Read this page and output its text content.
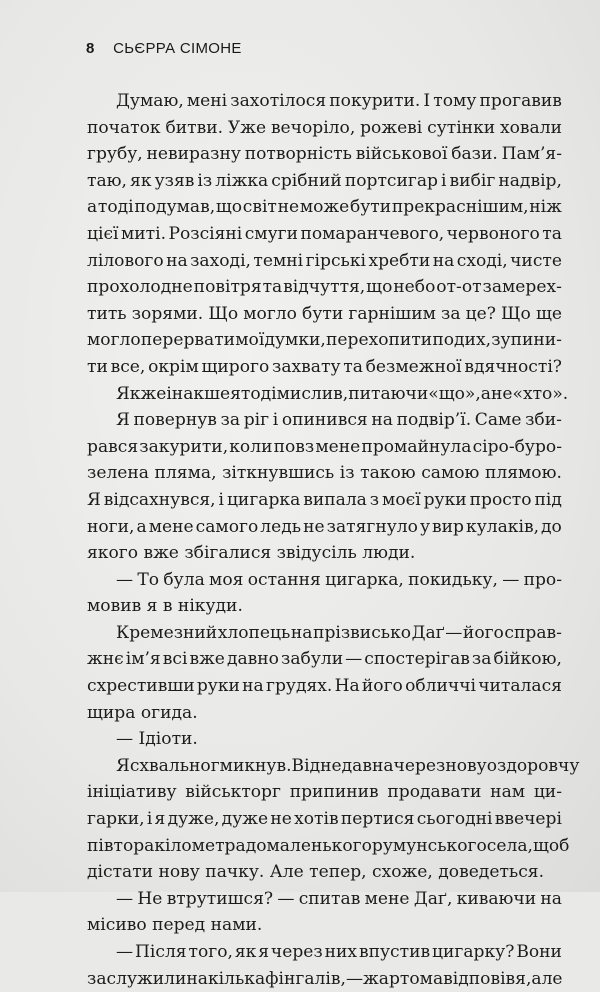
8 СЬЄРРА СІМОНЕ
Думаю, мені захотілося покурити. І тому прогавив
початок битви. Уже вечоріло, рожеві сутінки ховали
грубу, невиразну потворність військової бази. Пам’я-
таю, як узяв із ліжка срібний портсигар і вибіг надвір,
а тоді подумав, що світ не може бути прекраснішим, ніж
цієї миті. Розсіяні смуги помаранчевого, червоного та
лілового на заході, темні гірські хребти на сході, чисте
прохолодне повітря та відчуття, що небо от-от замерех-
тить зорями. Що могло бути гарнішим за це? Що ще
могло перервати мої думки, перехопити подих, зупини-
ти все, окрім щирого захвату та безмежної вдячності?
Як же інакше я тоді мислив, питаючи «що», а не «хто».
Я повернув за ріг і опинився на подвір’ї. Саме зби-
рався закурити, коли повз мене промайнула сіро-буро-
зелена пляма, зіткнувшись із такою самою плямою.
Я відсахнувся, і цигарка випала з моєї руки просто під
ноги, а мене самого ледь не затягнуло у вир кулаків, до
якого вже збігалися звідусіль люди.
— То була моя остання цигарка, покидьку, — про-
мовив я в нікуди.
Кремезний хлопець на прізвисько Даґ — його справ-
жнє ім’я всі вже давно забули — спостерігав за бійкою,
схрестивши руки на грудях. На його обличчі читалася
щира огида.
— Ідіоти.
Я схвально гмикнув. Віднедавна через нову оздоровчу
ініціативу військторг припинив продавати нам ци-
гарки, і я дуже, дуже не хотів пертися сьогодні ввечері
півтора кілометра до маленького румунського села, щоб
дістати нову пачку. Але тепер, схоже, доведеться.
— Не втрутишся? — спитав мене Даґ, киваючи на
місиво перед нами.
— Після того, як я через них впустив цигарку? Вони
заслужили на кілька фінгалів, — жартома відповів я, але
